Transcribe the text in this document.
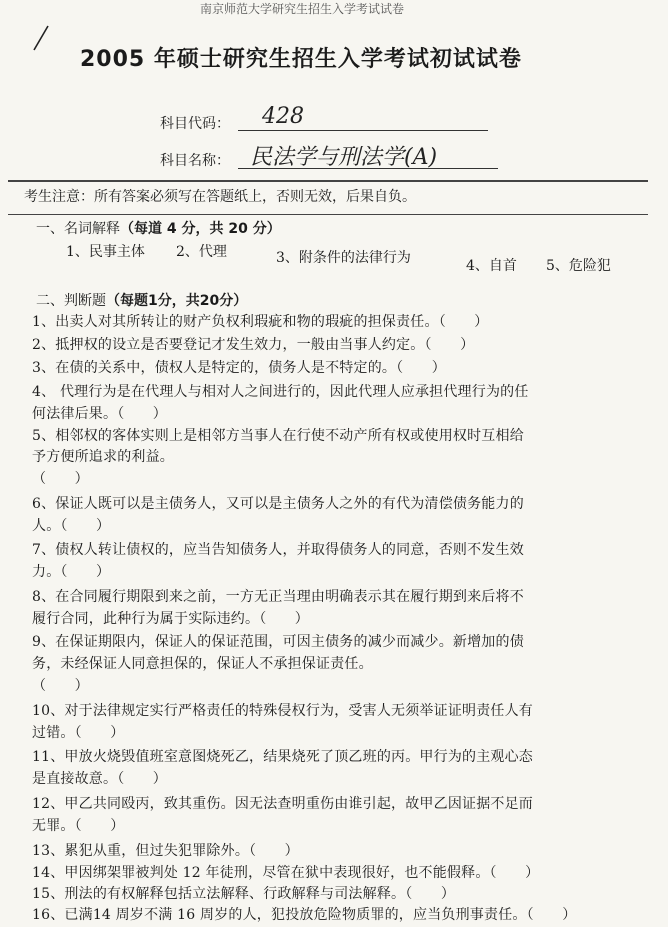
南京师范大学研究生招生入学考试试卷
2005 年硕士研究生招生入学考试初试试卷
科目代码： 428
科目名称： 民法学与刑法学(A)
考生注意：所有答案必须写在答题纸上，否则无效，后果自负。
一、名词解释（每道 4 分，共 20 分）
1、民事主体 2、代理	3、附条件的法律行为	4、自首 5、危险犯
二、判断题（每题1分，共20分）
1、出卖人对其所转让的财产负权利瑕疵和物的瑕疵的担保责任。（　　）
2、抵押权的设立是否要登记才发生效力，一般由当事人约定。（　　）
3、在债的关系中，债权人是特定的，债务人是不特定的。（　　）
4、 代理行为是在代理人与相对人之间进行的，因此代理人应承担代理行为的任
何法律后果。（　　）
5、相邻权的客体实则上是相邻方当事人在行使不动产所有权或使用权时互相给
予方便所追求的利益。
（　　）
6、保证人既可以是主债务人，又可以是主债务人之外的有代为清偿债务能力的
人。（　　）
7、债权人转让债权的，应当告知债务人，并取得债务人的同意，否则不发生效
力。（　　）
8、在合同履行期限到来之前，一方无正当理由明确表示其在履行期到来后将不
履行合同，此种行为属于实际违约。（　　）
9、在保证期限内，保证人的保证范围，可因主债务的减少而减少。新增加的债
务，未经保证人同意担保的，保证人不承担保证责任。
（　　）
10、对于法律规定实行严格责任的特殊侵权行为，受害人无须举证证明责任人有
过错。（　　）
11、甲放火烧毁值班室意图烧死乙，结果烧死了顶乙班的丙。甲行为的主观心态
是直接故意。（　　）
12、甲乙共同殴丙，致其重伤。因无法查明重伤由谁引起，故甲乙因证据不足而
无罪。（　　）
13、累犯从重，但过失犯罪除外。（　　）
14、甲因绑架罪被判处 12 年徒刑，尽管在狱中表现很好，也不能假释。（　　）
15、刑法的有权解释包括立法解释、行政解释与司法解释。（　　）
16、已满14 周岁不满 16 周岁的人，犯投放危险物质罪的，应当负刑事责任。（　　）
